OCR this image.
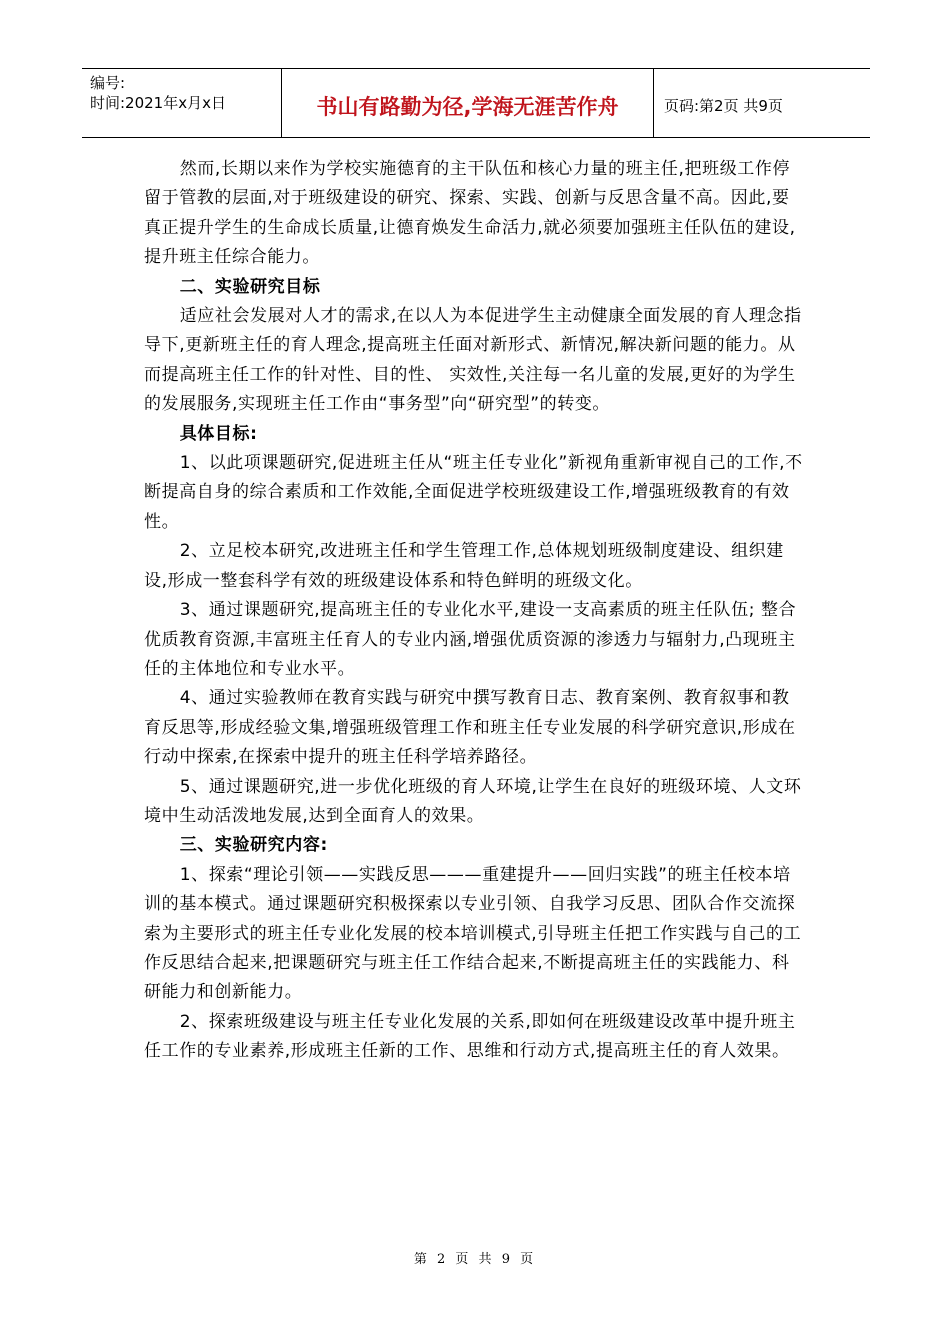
编号:
时间:2021年x月x日	书山有路勤为径,学海无涯苦作舟	页码:第2页 共9页

然而,长期以来作为学校实施德育的主干队伍和核心力量的班主任,把班级工作停留于管教的层面,对于班级建设的研究、探索、实践、创新与反思含量不高。因此,要真正提升学生的生命成长质量,让德育焕发生命活力,就必须要加强班主任队伍的建设,提升班主任综合能力。

二、实验研究目标

适应社会发展对人才的需求,在以人为本促进学生主动健康全面发展的育人理念指导下,更新班主任的育人理念,提高班主任面对新形式、新情况,解决新问题的能力。从而提高班主任工作的针对性、目的性、 实效性,关注每一名儿童的发展,更好的为学生的发展服务,实现班主任工作由“事务型”向“研究型”的转变。

具体目标:

1、以此项课题研究,促进班主任从“班主任专业化”新视角重新审视自己的工作,不断提高自身的综合素质和工作效能,全面促进学校班级建设工作,增强班级教育的有效性。

2、立足校本研究,改进班主任和学生管理工作,总体规划班级制度建设、组织建设,形成一整套科学有效的班级建设体系和特色鲜明的班级文化。

3、通过课题研究,提高班主任的专业化水平,建设一支高素质的班主任队伍; 整合优质教育资源,丰富班主任育人的专业内涵,增强优质资源的渗透力与辐射力,凸现班主任的主体地位和专业水平。

4、通过实验教师在教育实践与研究中撰写教育日志、教育案例、教育叙事和教育反思等,形成经验文集,增强班级管理工作和班主任专业发展的科学研究意识,形成在行动中探索,在探索中提升的班主任科学培养路径。

5、通过课题研究,进一步优化班级的育人环境,让学生在良好的班级环境、人文环境中生动活泼地发展,达到全面育人的效果。

三、实验研究内容:

1、探索“理论引领——实践反思———重建提升——回归实践”的班主任校本培训的基本模式。通过课题研究积极探索以专业引领、自我学习反思、团队合作交流探索为主要形式的班主任专业化发展的校本培训模式,引导班主任把工作实践与自己的工作反思结合起来,把课题研究与班主任工作结合起来,不断提高班主任的实践能力、科研能力和创新能力。

2、探索班级建设与班主任专业化发展的关系,即如何在班级建设改革中提升班主任工作的专业素养,形成班主任新的工作、思维和行动方式,提高班主任的育人效果。

第 2 页 共 9 页
